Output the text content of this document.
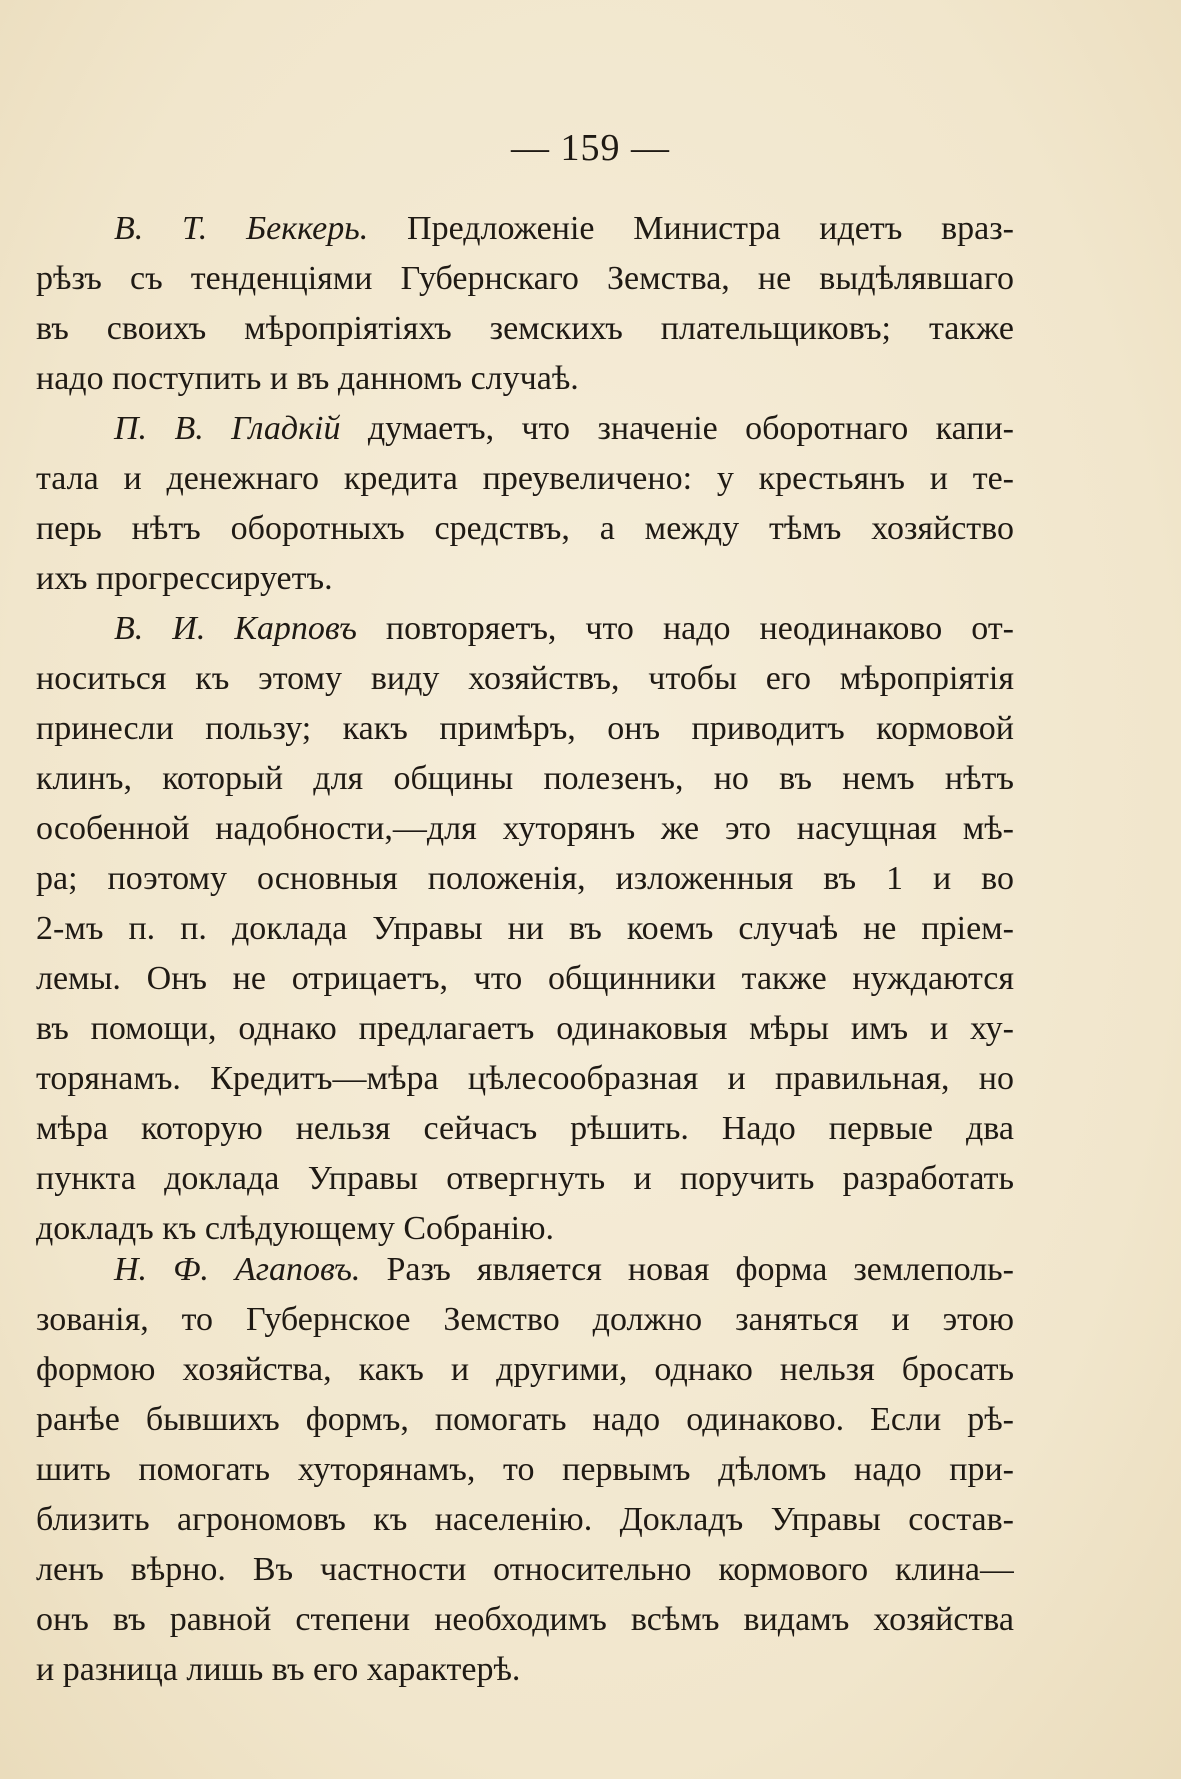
— 159 —
В. Т. Беккерь. Предложеніе Министра идетъ враз-
рѣзъ съ тенденціями Губернскаго Земства, не выдѣлявшаго
въ своихъ мѣропріятіяхъ земскихъ плательщиковъ; также
надо поступить и въ данномъ случаѣ.
П. В. Гладкій думаетъ, что значеніе оборотнаго капи-
тала и денежнаго кредита преувеличено: у крестьянъ и те-
перь нѣтъ оборотныхъ средствъ, а между тѣмъ хозяйство
ихъ прогрессируетъ.
В. И. Карповъ повторяетъ, что надо неодинаково от-
носиться къ этому виду хозяйствъ, чтобы его мѣропріятія
принесли пользу; какъ примѣръ, онъ приводитъ кормовой
клинъ, который для общины полезенъ, но въ немъ нѣтъ
особенной надобности,—для хуторянъ же это насущная мѣ-
ра; поэтому основныя положенія, изложенныя въ 1 и во
2-мъ п. п. доклада Управы ни въ коемъ случаѣ не пріем-
лемы. Онъ не отрицаетъ, что общинники также нуждаются
въ помощи, однако предлагаетъ одинаковыя мѣры имъ и ху-
торянамъ. Кредитъ—мѣра цѣлесообразная и правильная, но
мѣра которую нельзя сейчасъ рѣшить. Надо первые два
пункта доклада Управы отвергнуть и поручить разработать
докладъ къ слѣдующему Собранію.
Н. Ф. Агаповъ. Разъ является новая форма землеполь-
зованія, то Губернское Земство должно заняться и этою
формою хозяйства, какъ и другими, однако нельзя бросать
ранѣе бывшихъ формъ, помогать надо одинаково. Если рѣ-
шить помогать хуторянамъ, то первымъ дѣломъ надо при-
близить агрономовъ къ населенію. Докладъ Управы состав-
ленъ вѣрно. Въ частности относительно кормового клина—
онъ въ равной степени необходимъ всѣмъ видамъ хозяйства
и разница лишь въ его характерѣ.
